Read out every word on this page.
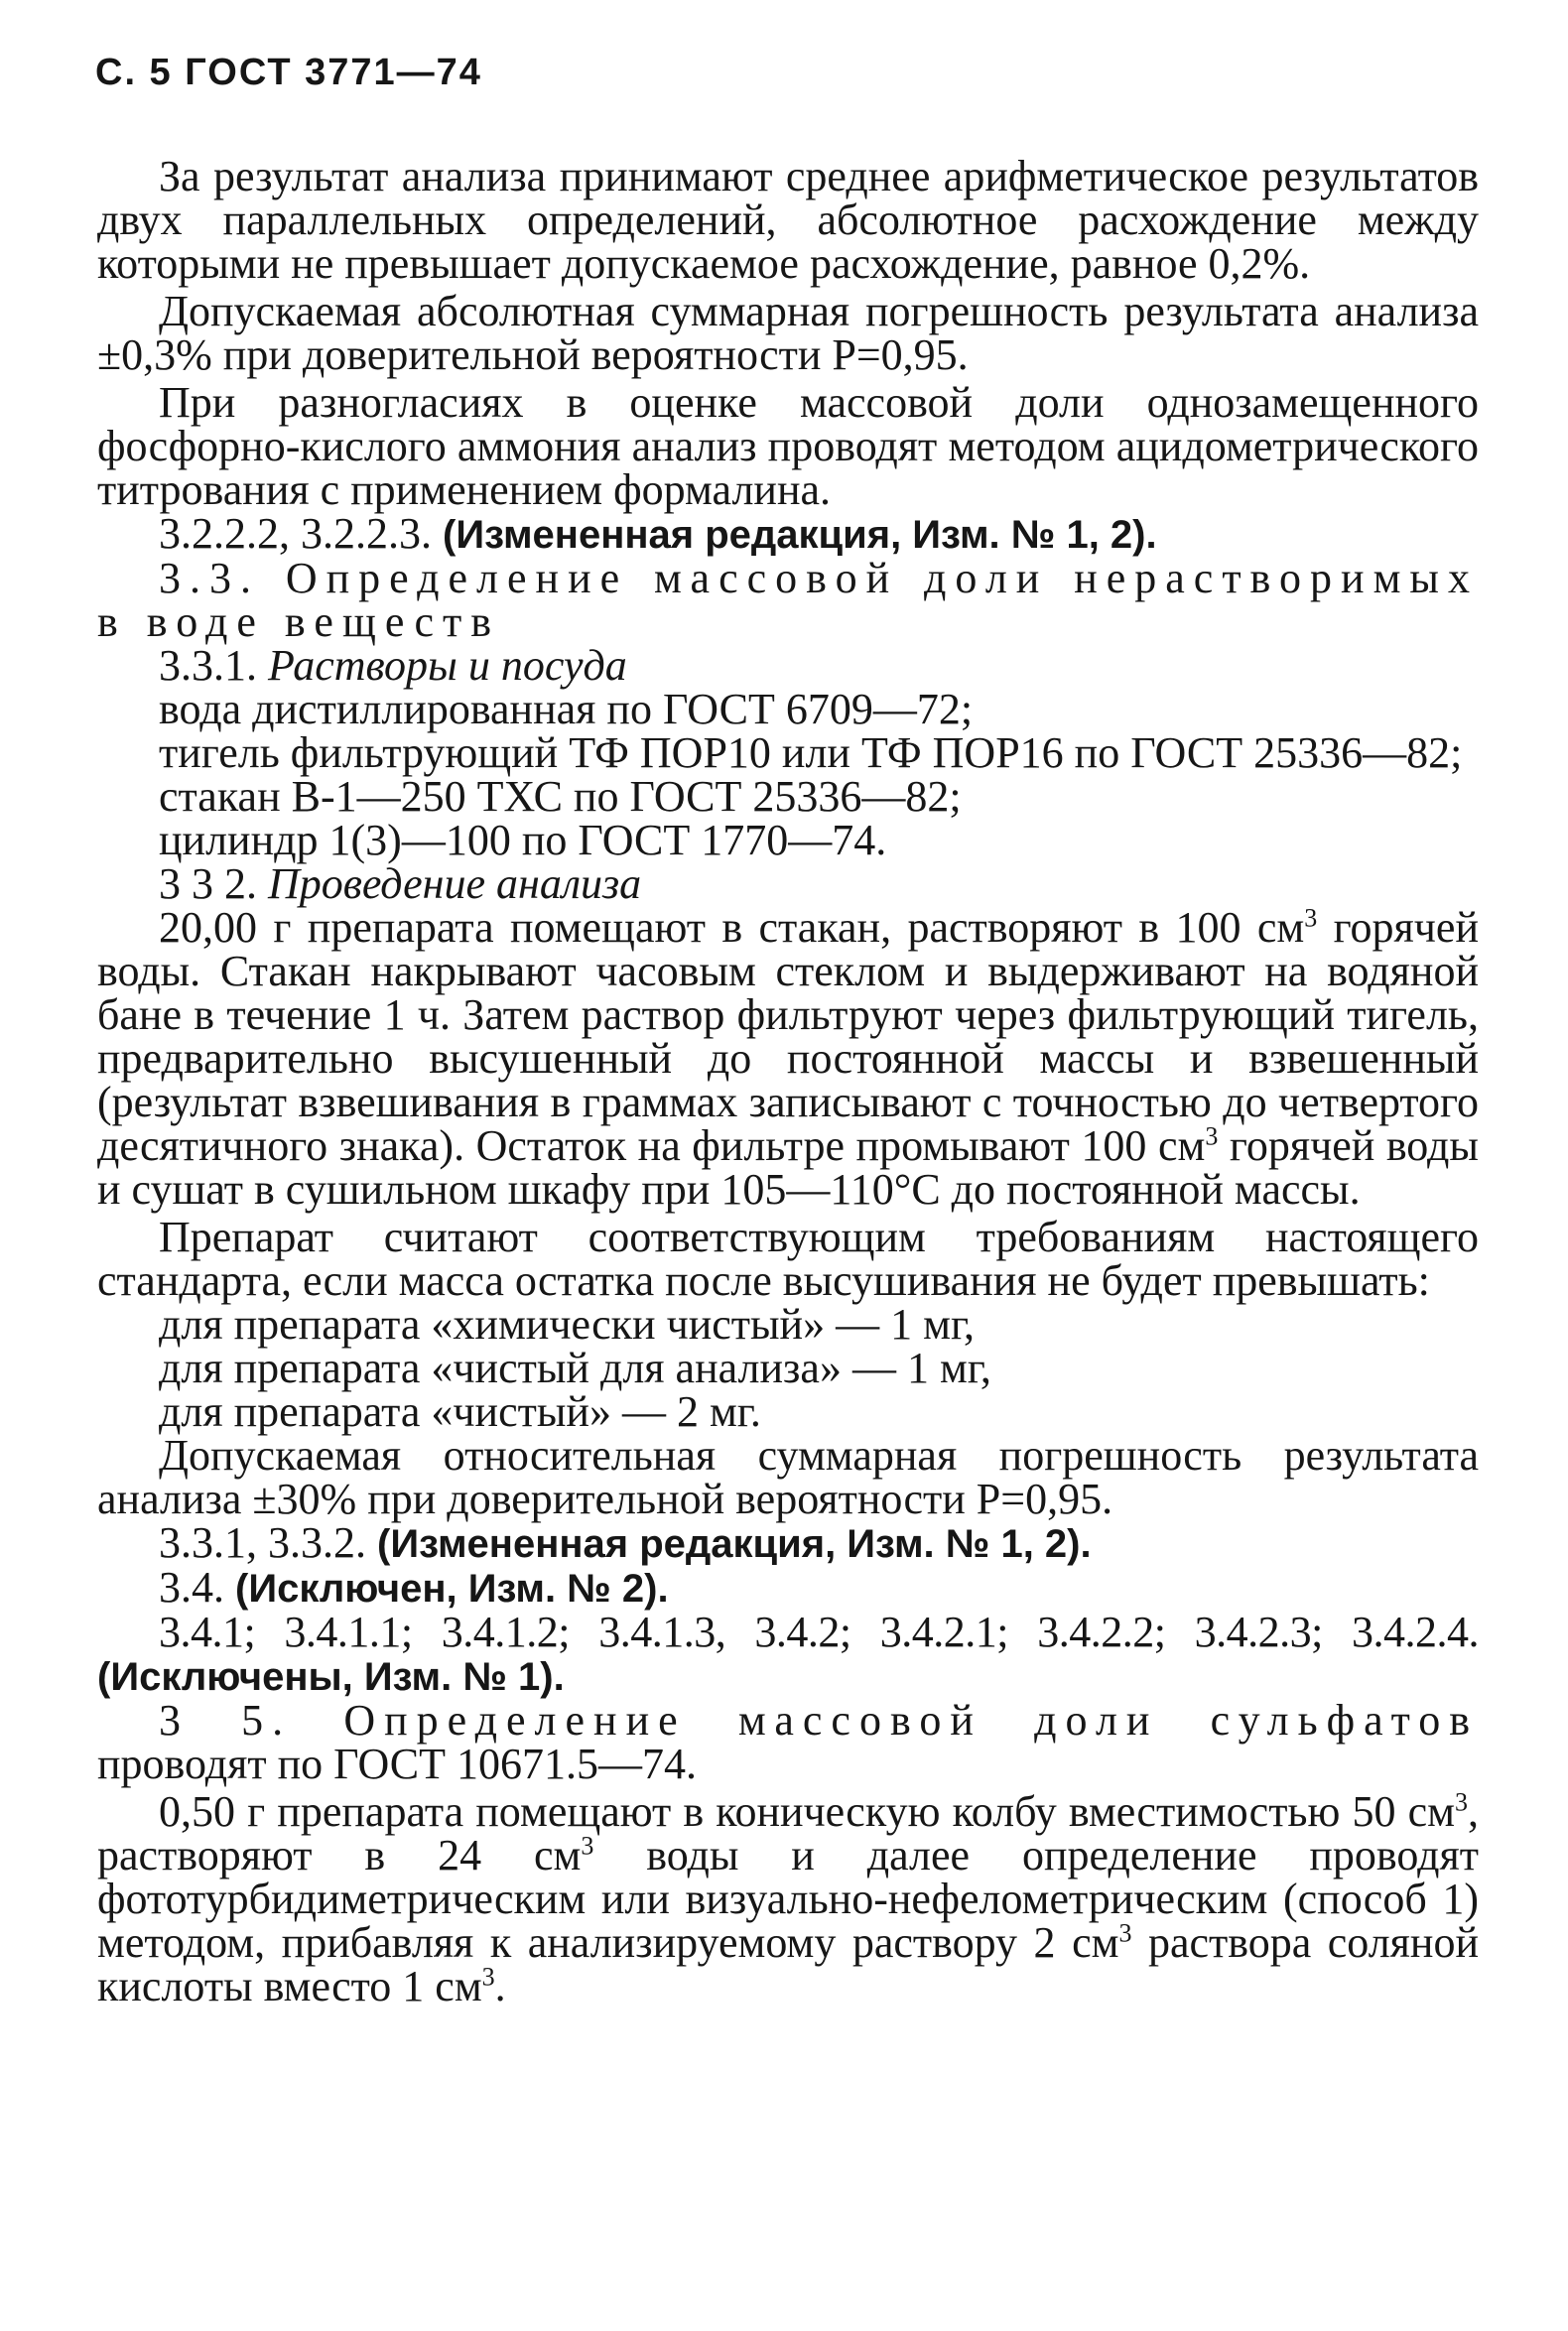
С. 5 ГОСТ 3771—74

За результат анализа принимают среднее арифметическое результатов двух параллельных определений, абсолютное расхождение между которыми не превышает допускаемое расхождение, равное 0,2%.

Допускаемая абсолютная суммарная погрешность результата анализа ±0,3% при доверительной вероятности P=0,95.

При разногласиях в оценке массовой доли однозамещенного фосфорно-кислого аммония анализ проводят методом ацидометрического титрования с применением формалина.

3.2.2.2, 3.2.2.3. (Измененная редакция, Изм. № 1, 2).

3.3. Определение массовой доли нерастворимых в воде веществ

3.3.1. Растворы и посуда

вода дистиллированная по ГОСТ 6709—72;

тигель фильтрующий ТФ ПОР10 или ТФ ПОР16 по ГОСТ 25336—82;

стакан В-1—250 ТХС по ГОСТ 25336—82;

цилиндр 1(3)—100 по ГОСТ 1770—74.

3 3 2. Проведение анализа

20,00 г препарата помещают в стакан, растворяют в 100 $см^3$ горячей воды. Стакан накрывают часовым стеклом и выдерживают на водяной бане в течение 1 ч. Затем раствор фильтруют через фильтрующий тигель, предварительно высушенный до постоянной массы и взвешенный (результат взвешивания в граммах записывают с точностью до четвертого десятичного знака). Остаток на фильтре промывают 100 $см^3$ горячей воды и сушат в сушильном шкафу при 105—110°С до постоянной массы.

Препарат считают соответствующим требованиям настоящего стандарта, если масса остатка после высушивания не будет превышать:

для препарата «химически чистый» — 1 мг,

для препарата «чистый для анализа» — 1 мг,

для препарата «чистый» — 2 мг.

Допускаемая относительная суммарная погрешность результата анализа ±30% при доверительной вероятности P=0,95.

3.3.1, 3.3.2. (Измененная редакция, Изм. № 1, 2).

3.4. (Исключен, Изм. № 2).

3.4.1; 3.4.1.1; 3.4.1.2; 3.4.1.3, 3.4.2; 3.4.2.1; 3.4.2.2; 3.4.2.3; 3.4.2.4. (Исключены, Изм. № 1).

3 5. Определение массовой доли сульфатов проводят по ГОСТ 10671.5—74.

0,50 г препарата помещают в коническую колбу вместимостью 50 $см^3$, растворяют в 24 $см^3$ воды и далее определение проводят фототурбидиметрическим или визуально-нефелометрическим (способ 1) методом, прибавляя к анализируемому раствору 2 $см^3$ раствора соляной кислоты вместо 1 $см^3$.
